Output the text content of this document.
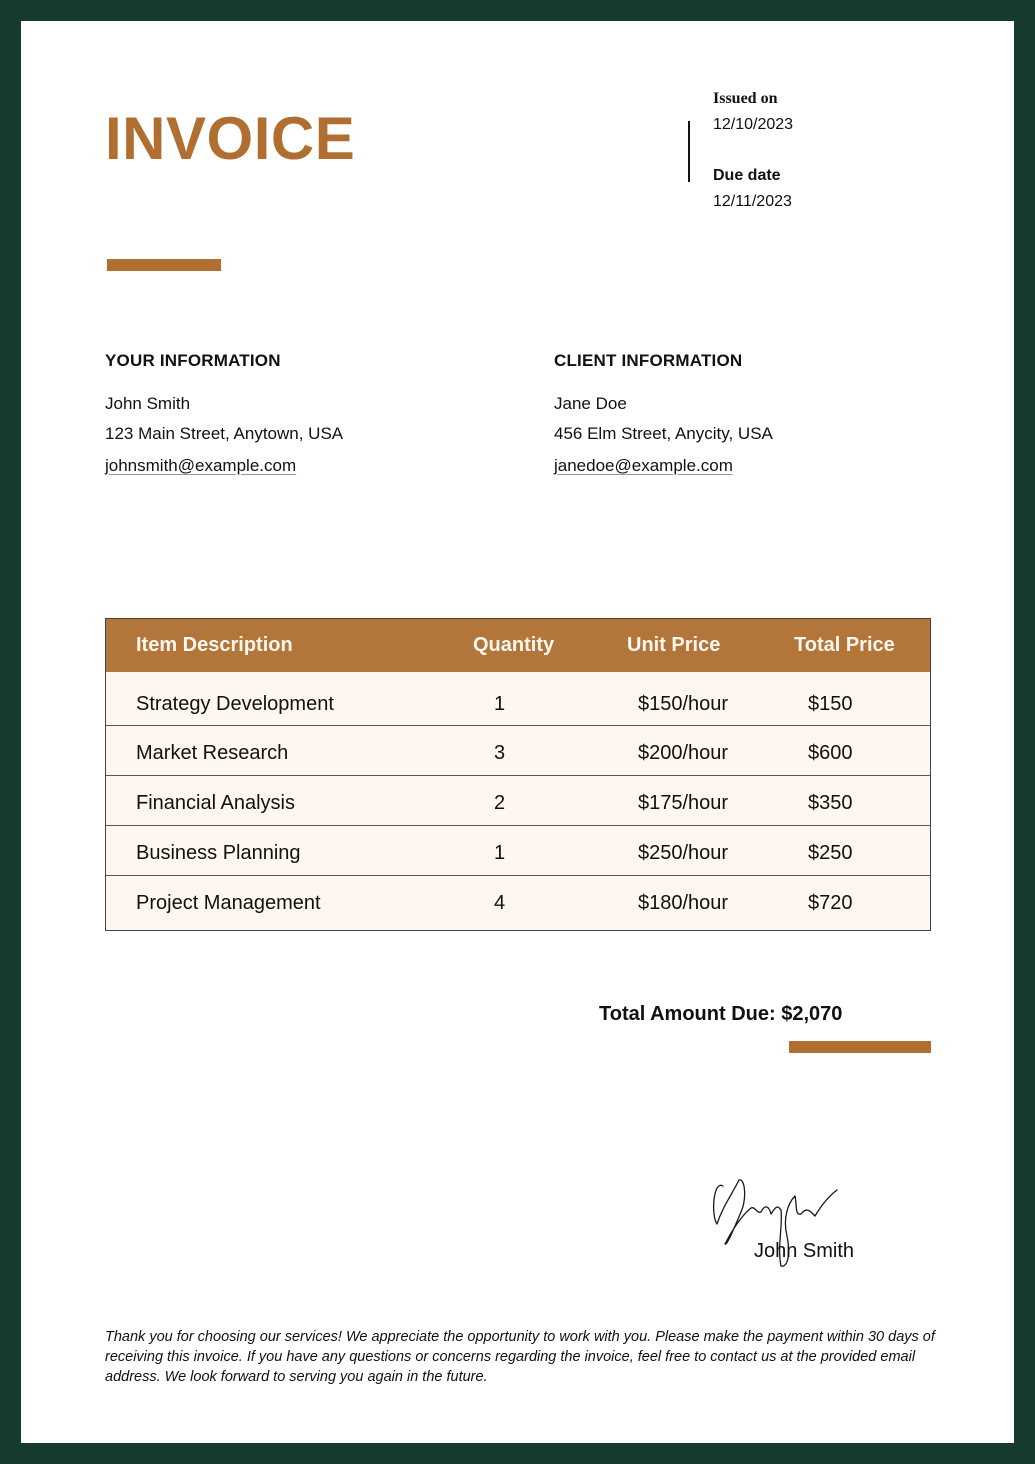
INVOICE
Issued on
12/10/2023
Due date
12/11/2023
YOUR INFORMATION
John Smith
123 Main Street, Anytown, USA
johnsmith@example.com
CLIENT INFORMATION
Jane Doe
456 Elm Street, Anycity, USA
janedoe@example.com
Item Description	Quantity	Unit Price	Total Price
Strategy Development	1	$150/hour	$150
Market Research	3	$200/hour	$600
Financial Analysis	2	$175/hour	$350
Business Planning	1	$250/hour	$250
Project Management	4	$180/hour	$720
Total Amount Due: $2,070
John Smith

Thank you for choosing our services! We appreciate the opportunity to work with you. Please make the payment within 30 days of receiving this invoice. If you have any questions or concerns regarding the invoice, feel free to contact us at the provided email address. We look forward to serving you again in the future.
